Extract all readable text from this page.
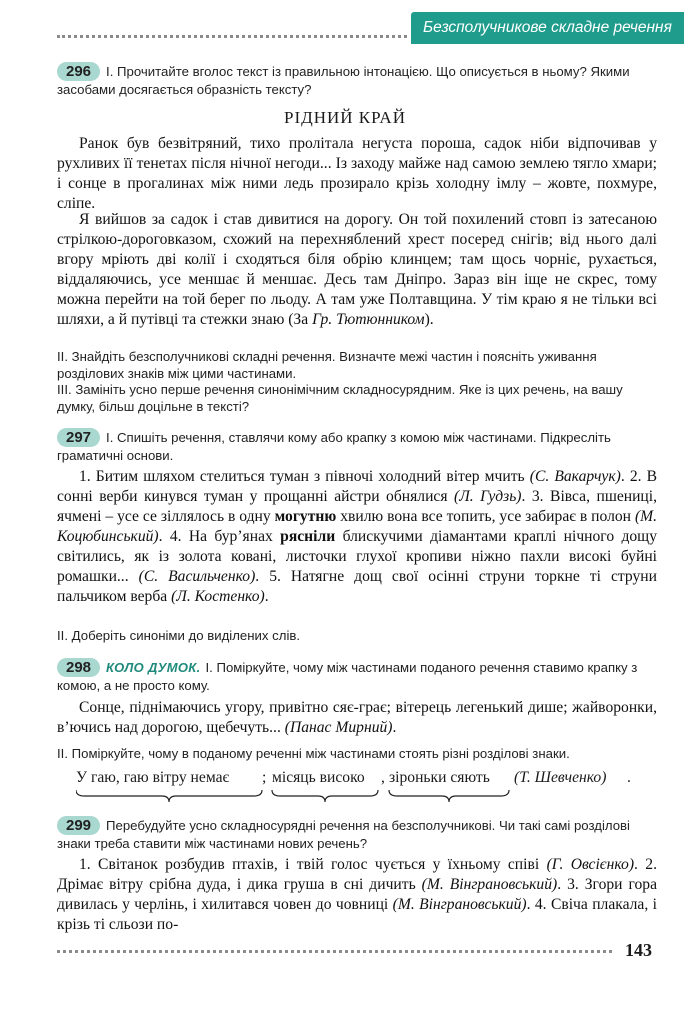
Безсполучникове складне речення
296 I. Прочитайте вголос текст із правильною інтонацією. Що описується в ньому? Якими засобами досягається образність тексту?
РІДНИЙ КРАЙ
Ранок був безвітряний, тихо пролітала негуста пороша, садок ніби відпочивав у рухливих її тенетах після нічної негоди... Із заходу майже над самою землею тягло хмари; і сонце в прогалинах між ними ледь прозирало крізь холодну імлу – жовте, похмуре, сліпе.
Я вийшов за садок і став дивитися на дорогу. Он той похилений стовп із затесаною стрілкою-дороговказом, схожий на перехняблений хрест посеред снігів; від нього далі вгору мріють дві колії і сходяться біля обрію клинцем; там щось чорніє, рухається, віддаляючись, усе меншає й меншає. Десь там Дніпро. Зараз він іще не скрес, тому можна перейти на той берег по льоду. А там уже Полтавщина. У тім краю я не тільки всі шляхи, а й путівці та стежки знаю (За Гр. Тютюнником).
II. Знайдіть безсполучникові складні речення. Визначте межі частин і поясніть уживання розділових знаків між цими частинами.
III. Замініть усно перше речення синонімічним складносурядним. Яке із цих речень, на вашу думку, більш доцільне в тексті?
297 I. Спишіть речення, ставлячи кому або крапку з комою між частинами. Підкресліть граматичні основи.
1. Битим шляхом стелиться туман з півночі холодний вітер мчить (С. Вакарчук). 2. В сонні верби кинувся туман у прощанні айстри обнялися (Л. Гудзь). 3. Вівса, пшениці, ячмені – усе се зіллялось в одну могутню хвилю вона все топить, усе забирає в полон (М. Коцюбинський). 4. На бур’янах рясніли блискучими діамантами краплі нічного дощу світились, як із золота ковані, листочки глухої кропиви ніжно пахли високі буйні ромашки... (С. Васильченко). 5. Натягне дощ свої осінні струни торкне ті струни пальчиком верба (Л. Костенко).
II. Доберіть синоніми до виділених слів.
298 КОЛО ДУМОК. I. Поміркуйте, чому між частинами поданого речення ставимо крапку з комою, а не просто кому.
Сонце, піднімаючись угору, привітно сяє-грає; вітерець легенький дише; жайворонки, в’ючись над дорогою, щебечуть... (Панас Мирний).
II. Поміркуйте, чому в поданому реченні між частинами стоять різні розділові знаки.
У гаю, гаю вітру немає ; місяць високо , зіроньки сяють (Т. Шевченко) .
299 Перебудуйте усно складносурядні речення на безсполучникові. Чи такі самі розділові знаки треба ставити між частинами нових речень?
1. Світанок розбудив птахів, і твій голос чується у їхньому співі (Г. Овсієнко). 2. Дрімає вітру срібна дуда, і дика груша в сні дичить (М. Вінграновський). 3. Згори гора дивилась у черлінь, і хилитався човен до човниці (М. Вінграновський). 4. Свіча плакала, і крізь ті сльози по-
143
